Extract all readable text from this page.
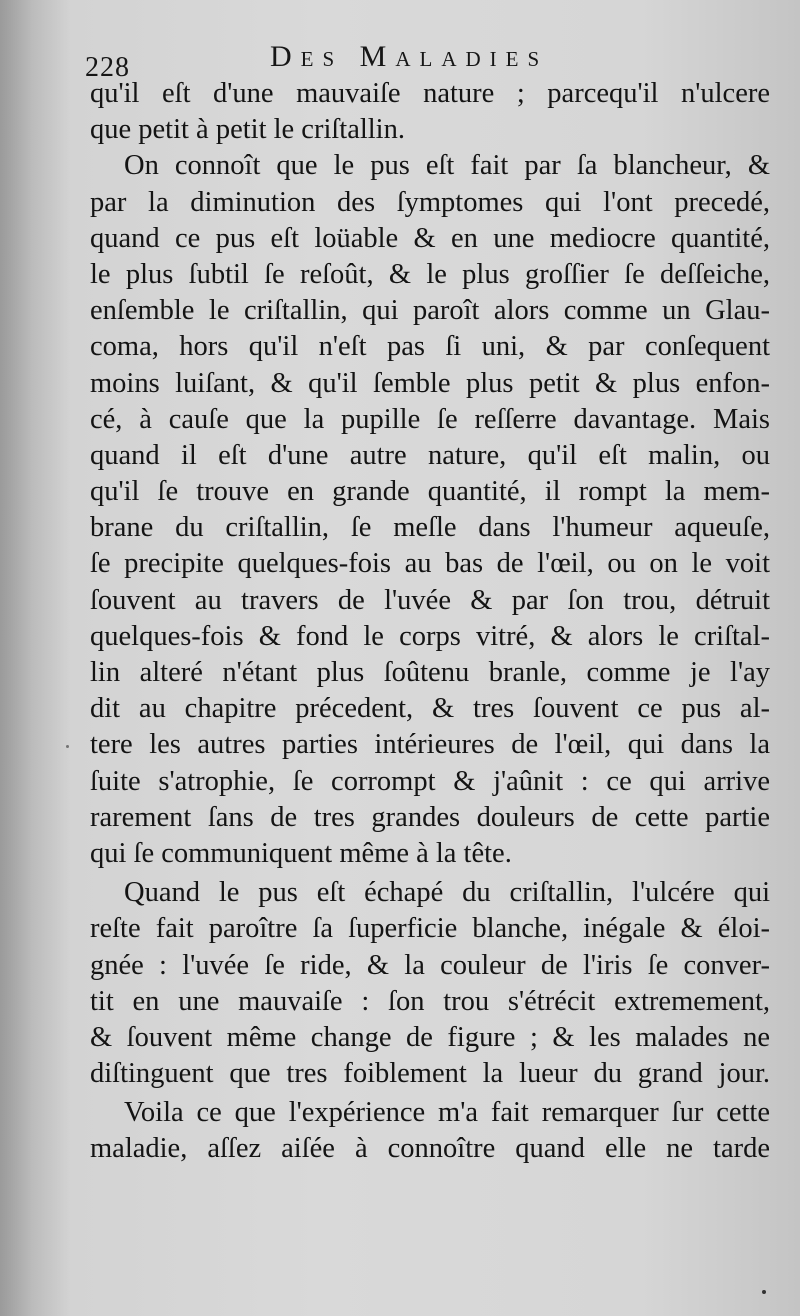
228	Des Maladies
qu'il eſt d'une mauvaiſe nature ; parcequ'il n'ulcere
que petit à petit le criſtallin.
On connoît que le pus eſt fait par ſa blancheur, &
par la diminution des ſymptomes qui l'ont precedé,
quand ce pus eſt loüable & en une mediocre quantité,
le plus ſubtil ſe reſoût, & le plus groſſier ſe deſſeiche,
enſemble le criſtallin, qui paroît alors comme un Glau-
coma, hors qu'il n'eſt pas ſi uni, & par conſequent
moins luiſant, & qu'il ſemble plus petit & plus enfon-
cé, à cauſe que la pupille ſe reſſerre davantage. Mais
quand il eſt d'une autre nature, qu'il eſt malin, ou
qu'il ſe trouve en grande quantité, il rompt la mem-
brane du criſtallin, ſe meſle dans l'humeur aqueuſe,
ſe precipite quelques-fois au bas de l'œil, ou on le voit
ſouvent au travers de l'uvée & par ſon trou, détruit
quelques-fois & fond le corps vitré, & alors le criſtal-
lin alteré n'étant plus ſoûtenu branle, comme je l'ay
dit au chapitre précedent, & tres ſouvent ce pus al-
tere les autres parties intérieures de l'œil, qui dans la
ſuite s'atrophie, ſe corrompt & j'aûnit : ce qui arrive
rarement ſans de tres grandes douleurs de cette partie
qui ſe communiquent même à la tête.
Quand le pus eſt échapé du criſtallin, l'ulcére qui
reſte fait paroître ſa ſuperficie blanche, inégale & éloi-
gnée : l'uvée ſe ride, & la couleur de l'iris ſe conver-
tit en une mauvaiſe : ſon trou s'étrécit extremement,
& ſouvent même change de figure ; & les malades ne
diſtinguent que tres foiblement la lueur du grand jour.
Voila ce que l'expérience m'a fait remarquer ſur cette
maladie, aſſez aiſée à connoître quand elle ne tarde
